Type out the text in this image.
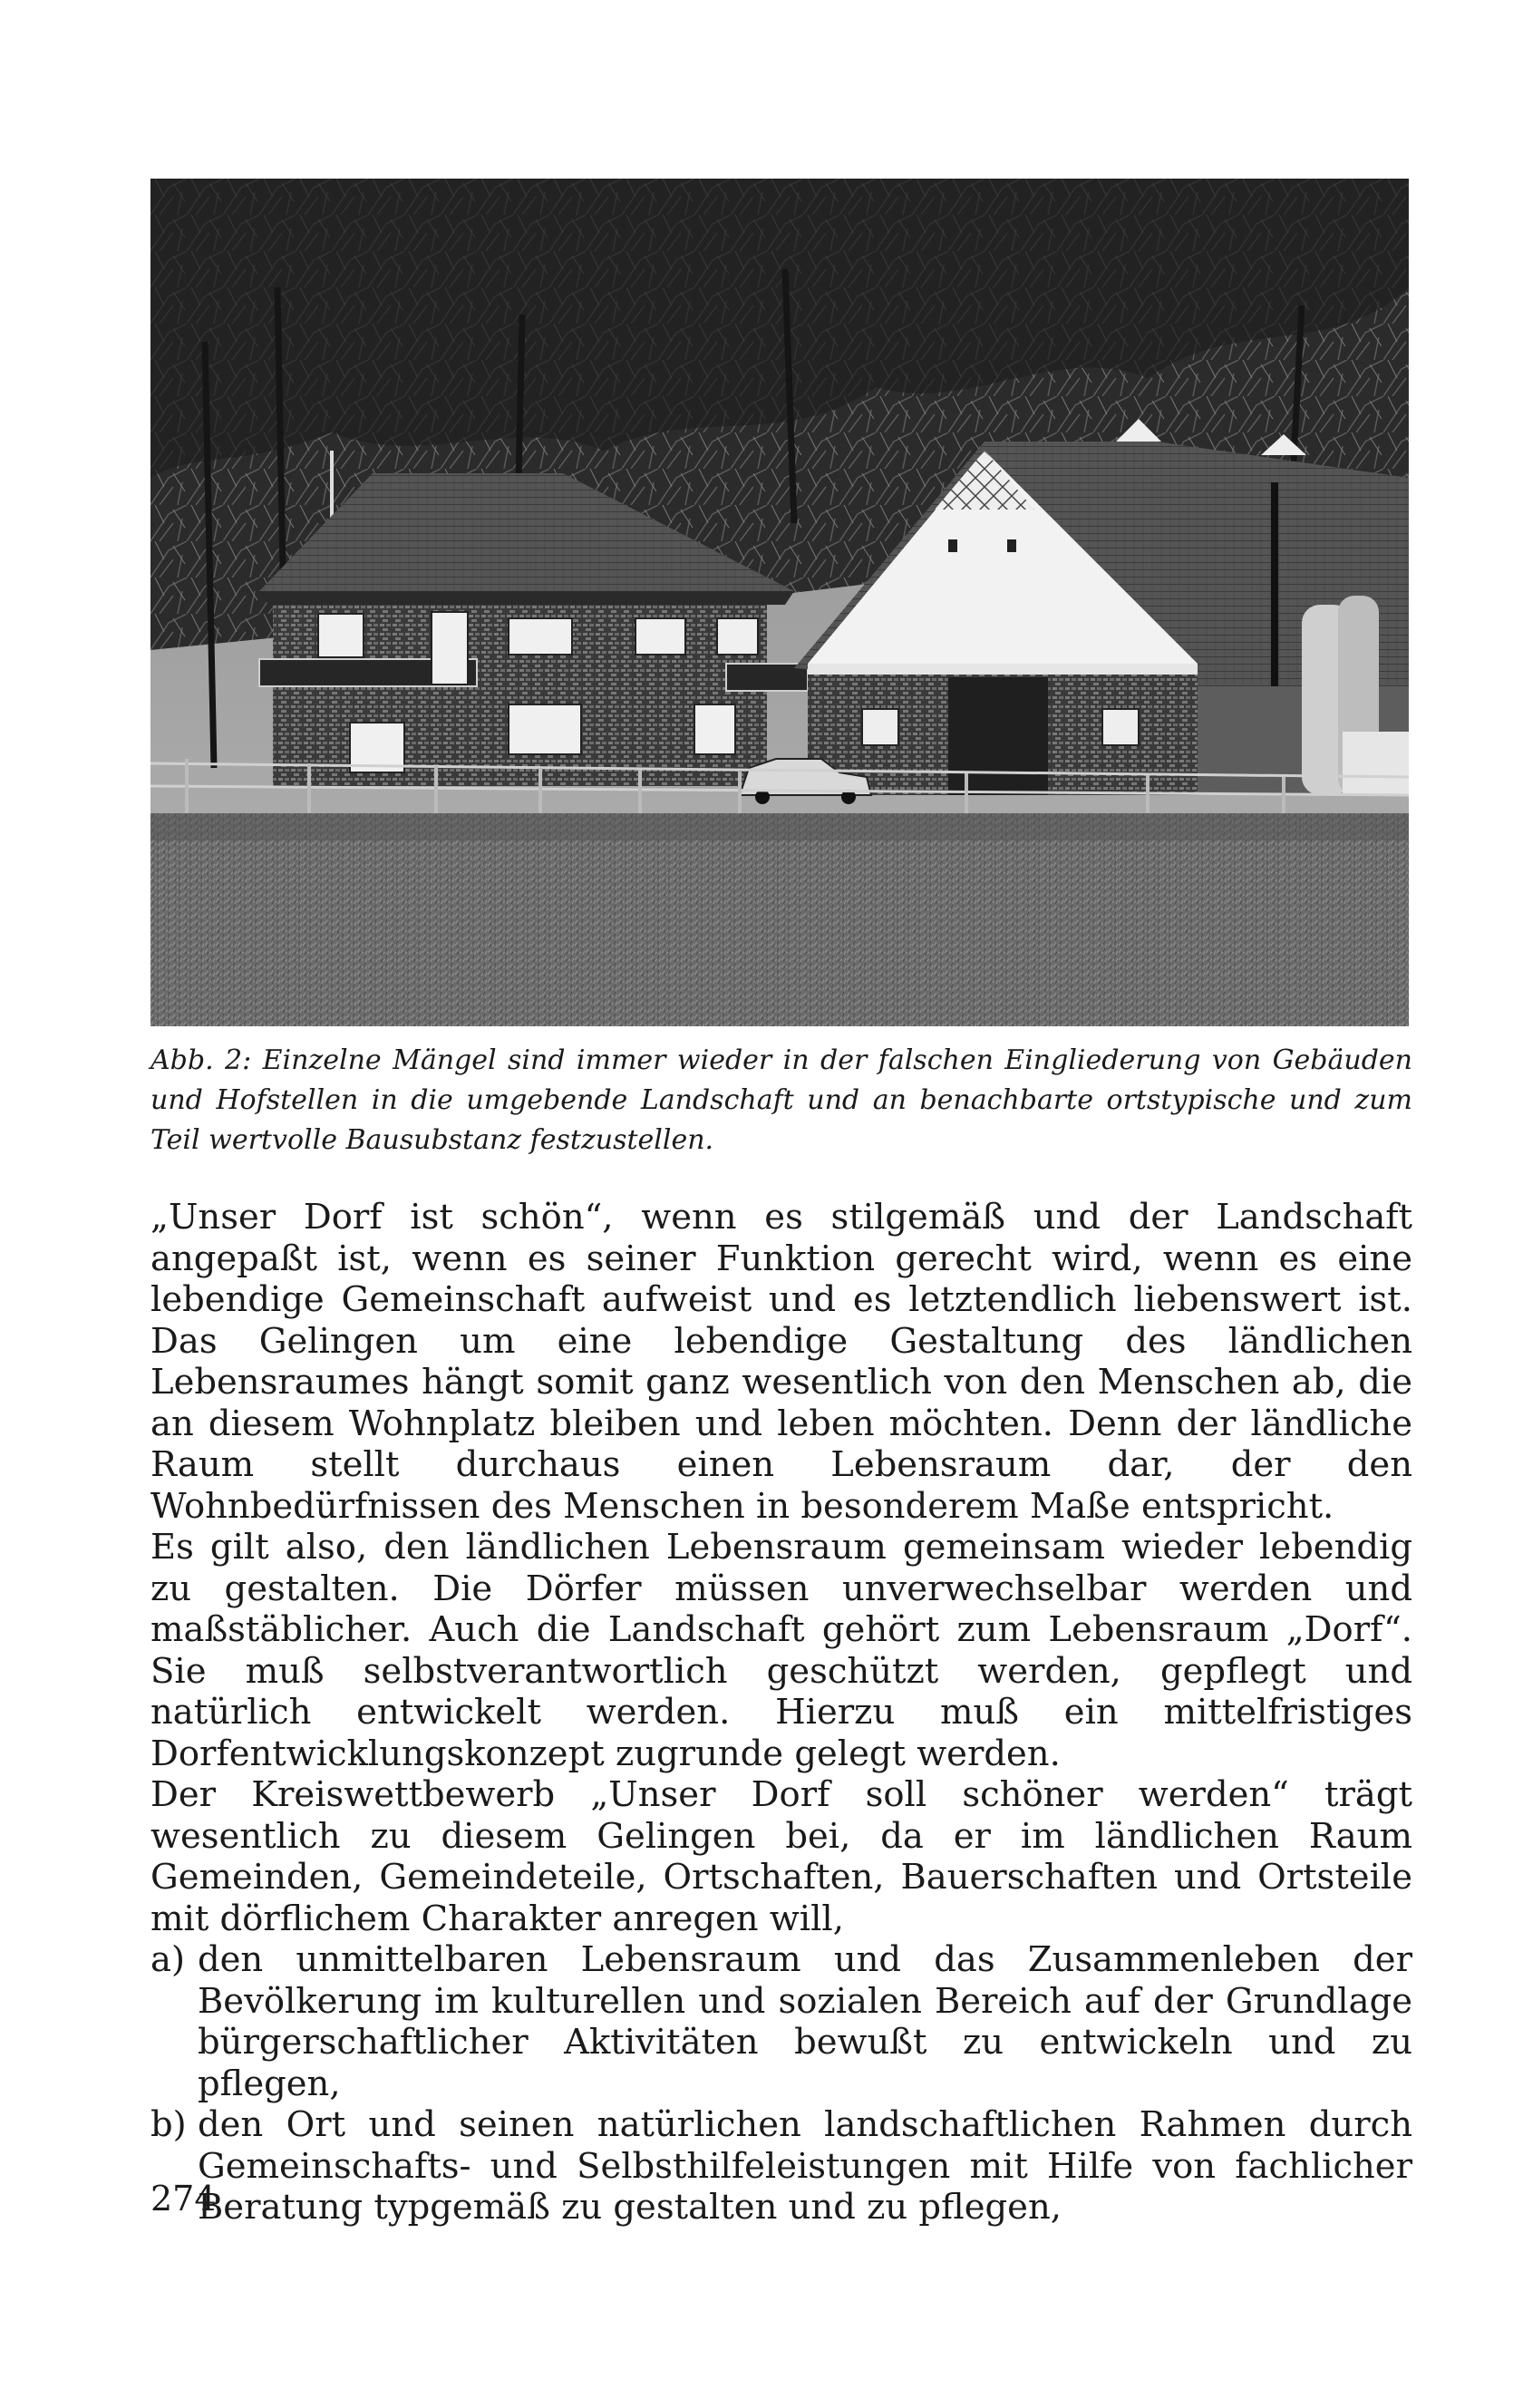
Abb. 2: Einzelne Mängel sind immer wieder in der falschen Eingliederung von Gebäuden und Hofstellen in die umgebende Landschaft und an benachbarte ortstypische und zum Teil wertvolle Bausubstanz festzustellen.

„Unser Dorf ist schön“, wenn es stilgemäß und der Landschaft angepaßt ist, wenn es seiner Funktion gerecht wird, wenn es eine lebendige Gemeinschaft aufweist und es letztendlich liebenswert ist. Das Gelingen um eine lebendige Gestaltung des ländlichen Lebensraumes hängt somit ganz wesentlich von den Menschen ab, die an diesem Wohnplatz bleiben und leben möchten. Denn der ländliche Raum stellt durchaus einen Lebensraum dar, der den Wohnbedürfnissen des Menschen in besonderem Maße entspricht.

Es gilt also, den ländlichen Lebensraum gemeinsam wieder lebendig zu gestalten. Die Dörfer müssen unverwechselbar werden und maßstäblicher. Auch die Landschaft gehört zum Lebensraum „Dorf“. Sie muß selbstverantwortlich geschützt werden, gepflegt und natürlich entwickelt werden. Hierzu muß ein mittelfristiges Dorfentwicklungskonzept zugrunde gelegt werden.

Der Kreiswettbewerb „Unser Dorf soll schöner werden“ trägt wesentlich zu diesem Gelingen bei, da er im ländlichen Raum Gemeinden, Gemeindeteile, Ortschaften, Bauerschaften und Ortsteile mit dörflichem Charakter anregen will,

a) den unmittelbaren Lebensraum und das Zusammenleben der Bevölkerung im kulturellen und sozialen Bereich auf der Grundlage bürgerschaftlicher Aktivitäten bewußt zu entwickeln und zu pflegen,
b) den Ort und seinen natürlichen landschaftlichen Rahmen durch Gemeinschafts- und Selbsthilfeleistungen mit Hilfe von fachlicher Beratung typgemäß zu gestalten und zu pflegen,
274
